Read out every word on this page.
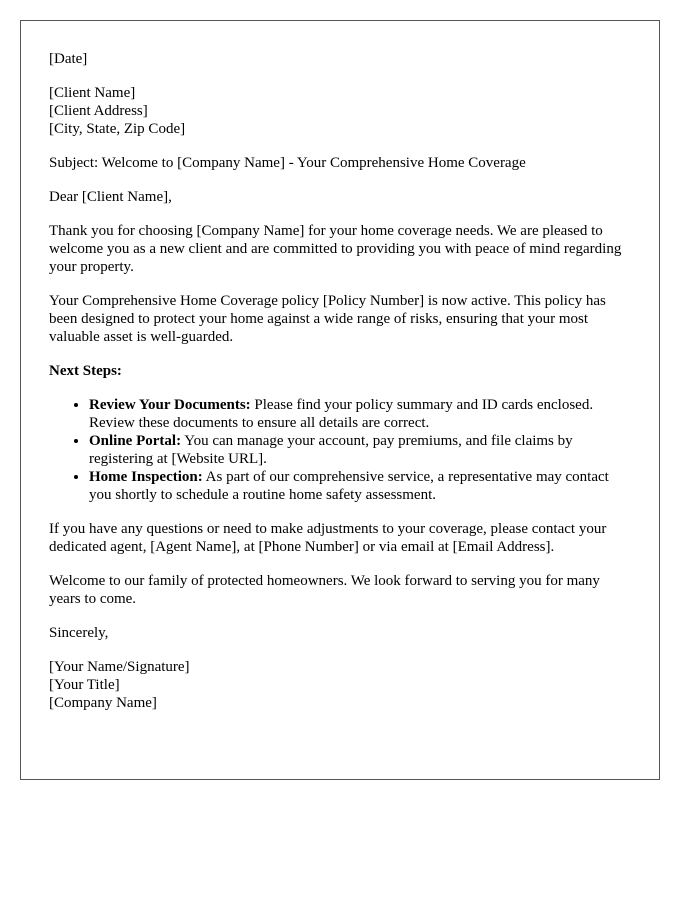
[Date]

[Client Name]
[Client Address]
[City, State, Zip Code]

Subject: Welcome to [Company Name] - Your Comprehensive Home Coverage

Dear [Client Name],

Thank you for choosing [Company Name] for your home coverage needs. We are pleased to welcome you as a new client and are committed to providing you with peace of mind regarding your property.

Your Comprehensive Home Coverage policy [Policy Number] is now active. This policy has been designed to protect your home against a wide range of risks, ensuring that your most valuable asset is well-guarded.

Next Steps:

• Review Your Documents: Please find your policy summary and ID cards enclosed. Review these documents to ensure all details are correct.
• Online Portal: You can manage your account, pay premiums, and file claims by registering at [Website URL].
• Home Inspection: As part of our comprehensive service, a representative may contact you shortly to schedule a routine home safety assessment.

If you have any questions or need to make adjustments to your coverage, please contact your dedicated agent, [Agent Name], at [Phone Number] or via email at [Email Address].

Welcome to our family of protected homeowners. We look forward to serving you for many years to come.

Sincerely,

[Your Name/Signature]
[Your Title]
[Company Name]
